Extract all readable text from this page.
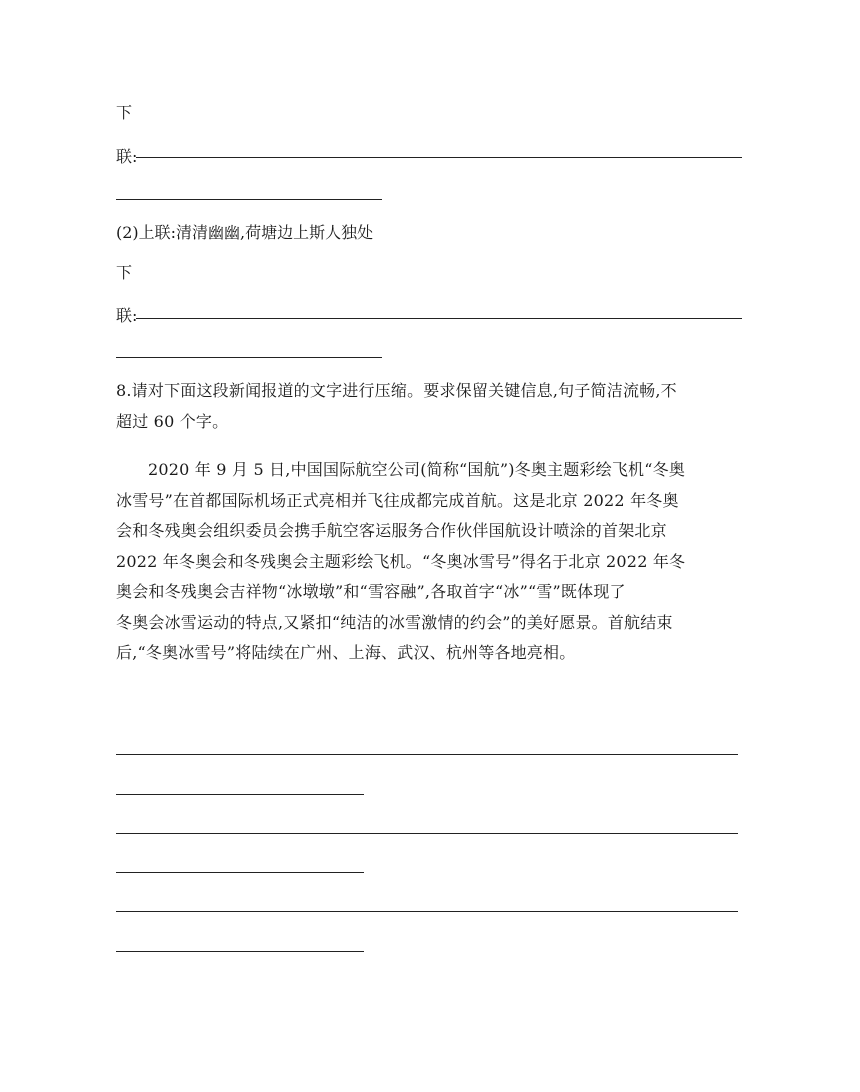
下
联:
(2)上联:清清幽幽,荷塘边上斯人独处
下
联:
8.请对下面这段新闻报道的文字进行压缩。要求保留关键信息,句子简洁流畅,不
超过 60 个字。
2020 年 9 月 5 日,中国国际航空公司(简称“国航”)冬奥主题彩绘飞机“冬奥
冰雪号”在首都国际机场正式亮相并飞往成都完成首航。这是北京 2022 年冬奥
会和冬残奥会组织委员会携手航空客运服务合作伙伴国航设计喷涂的首架北京
2022 年冬奥会和冬残奥会主题彩绘飞机。“冬奥冰雪号”得名于北京 2022 年冬
奥会和冬残奥会吉祥物“冰墩墩”和“雪容融”,各取首字“冰”“雪”既体现了
冬奥会冰雪运动的特点,又紧扣“纯洁的冰雪激情的约会”的美好愿景。首航结束
后,“冬奥冰雪号”将陆续在广州、上海、武汉、杭州等各地亮相。
